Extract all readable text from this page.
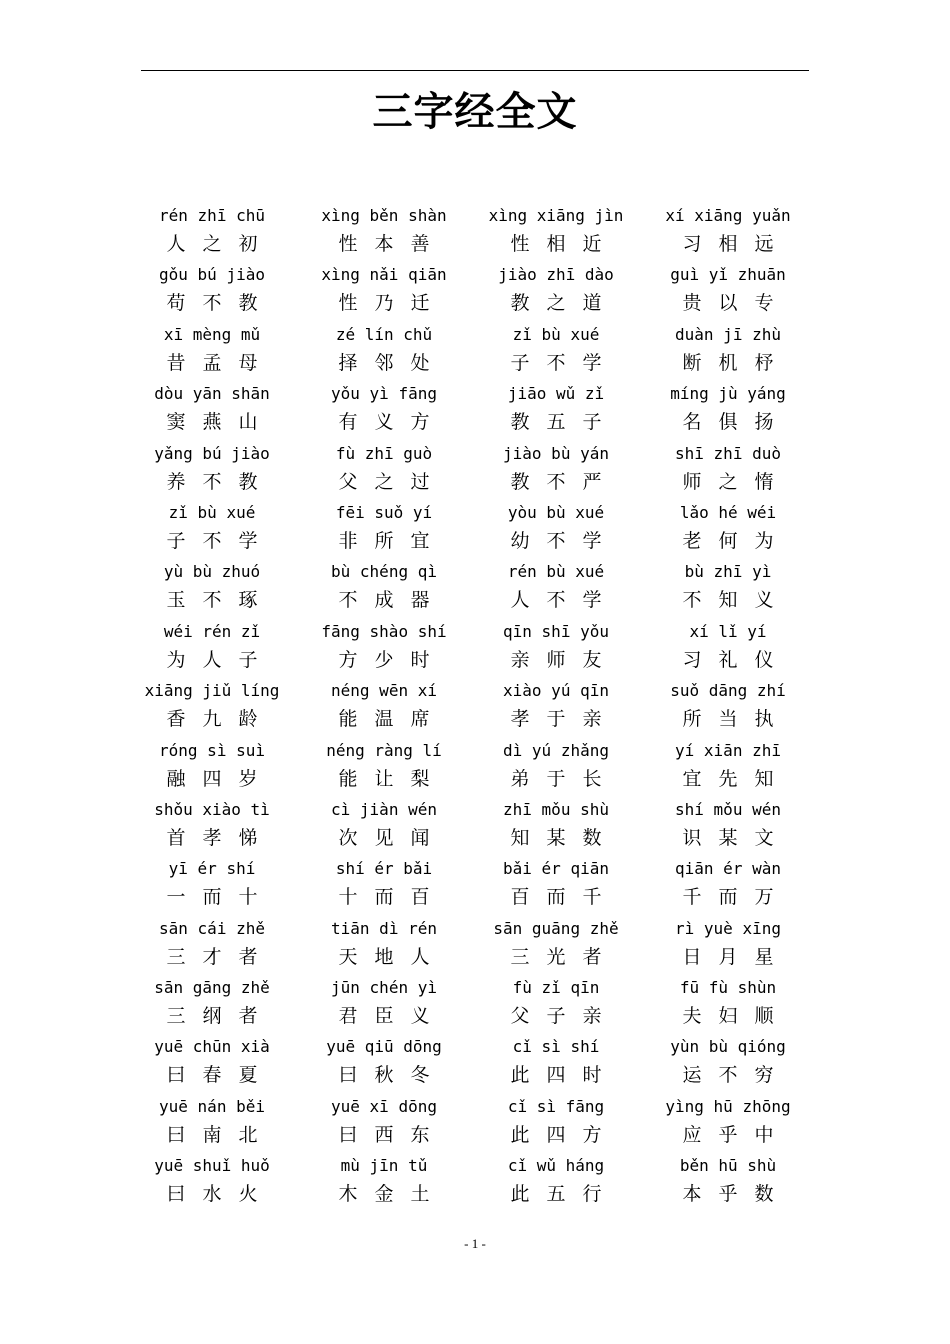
三字经全文
rén zhī chū
人之初
xìng běn shàn
性本善
xìng xiāng jìn
性相近
xí xiāng yuǎn
习相远
gǒu bú jiào
苟不教
xìng nǎi qiān
性乃迁
jiào zhī dào
教之道
guì yǐ zhuān
贵以专
xī mèng mǔ
昔孟母
zé lín chǔ
择邻处
zǐ bù xué
子不学
duàn jī zhù
断机杼
dòu yān shān
窦燕山
yǒu yì fāng
有义方
jiāo wǔ zǐ
教五子
míng jù yáng
名俱扬
yǎng bú jiào
养不教
fù zhī guò
父之过
jiào bù yán
教不严
shī zhī duò
师之惰
zǐ bù xué
子不学
fēi suǒ yí
非所宜
yòu bù xué
幼不学
lǎo hé wéi
老何为
yù bù zhuó
玉不琢
bù chéng qì
不成器
rén bù xué
人不学
bù zhī yì
不知义
wéi rén zǐ
为人子
fāng shào shí
方少时
qīn shī yǒu
亲师友
xí lǐ yí
习礼仪
xiāng jiǔ líng
香九龄
néng wēn xí
能温席
xiào yú qīn
孝于亲
suǒ dāng zhí
所当执
róng sì suì
融四岁
néng ràng lí
能让梨
dì yú zhǎng
弟于长
yí xiān zhī
宜先知
shǒu xiào tì
首孝悌
cì jiàn wén
次见闻
zhī mǒu shù
知某数
shí mǒu wén
识某文
yī ér shí
一而十
shí ér bǎi
十而百
bǎi ér qiān
百而千
qiān ér wàn
千而万
sān cái zhě
三才者
tiān dì rén
天地人
sān guāng zhě
三光者
rì yuè xīng
日月星
sān gāng zhě
三纲者
jūn chén yì
君臣义
fù zǐ qīn
父子亲
fū fù shùn
夫妇顺
yuē chūn xià
曰春夏
yuē qiū dōng
曰秋冬
cǐ sì shí
此四时
yùn bù qióng
运不穷
yuē nán běi
曰南北
yuē xī dōng
曰西东
cǐ sì fāng
此四方
yìng hū zhōng
应乎中
yuē shuǐ huǒ
曰水火
mù jīn tǔ
木金土
cǐ wǔ háng
此五行
běn hū shù
本乎数
- 1 -
